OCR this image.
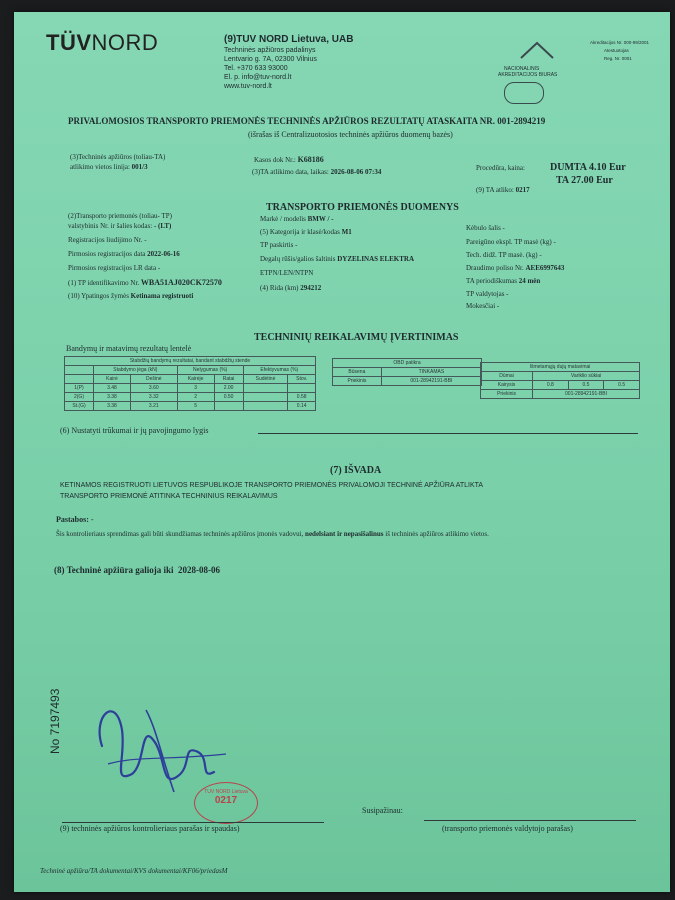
TÜVNORD	(9)TUV NORD Lietuva, UAB
Techninės apžiūros padalinys
Lentvario g. 7A, 02300 Vilnius
Tel. +370 633 93000
El. p. info@tuv-nord.lt
www.tuv-nord.lt
NACIONALINIS
AKREDITACIJOS BIURAS
Akreditacijos Nr. 000-99/2001
Atestuotojas
Reg. Nr. 0001
PRIVALOMOSIOS TRANSPORTO PRIEMONĖS TECHNINĖS APŽIŪROS REZULTATŲ ATASKAITA NR. 001-2894219
(išrašas iš Centralizuotosios techninės apžiūros duomenų bazės)
(3)Techninės apžiūros (toliau-TA)
atlikimo vietos linija: 001/3
Kasos dok Nr.: K68186
(3)TA atlikimo data, laikas: 2026-08-06 07:34	Procedūra, kaina:	DUMTA 4.10 Eur
TA 27.00 Eur
(9) TA atliko: 0217
TRANSPORTO PRIEMONĖS DUOMENYS
(2)Transporto priemonės (toliau- TP)
valstybinis Nr. ir šalies kodas: - (LT)
Registracijos liudijimo Nr. -
Pirmosios registracijos data 2022-06-16
Pirmosios registracijos LR data -
(1) TP identifikavimo Nr. WBA51AJ020CK72570
(10) Ypatingos žymės Ketinama registruoti
Markė / modelis BMW / -
(5) Kategorija ir klasė/kodas M1
TP paskirtis -
Degalų rūšis/galios šaltinis DYZELINAS ELEKTRA
ETPN/LEN/NTPN
(4) Rida (km) 294212
Kėbulo šalis -
Pareigūno ekspl. TP masė (kg) -
Tech. didž. TP masė. (kg) -
Draudimo poliso Nr. AEE6997643
TA periodiškumas 24 mėn
TP valdytojas -
Mokesčiai -
TECHNINIŲ REIKALAVIMŲ ĮVERTINIMAS
Bandymų ir matavimų rezultatų lentelė
Stabdžių bandymų rezultatai, bandant stabdžių stende						
	Stabdymo jėga (kN)		Nelygumas (%)		Efektyvumas (%)	
	Kairė	Dešinė	Kairėje	Ratai	Sudėtinė	Stov.
1(P)	3.48	3.60	3	2.00		
2(G)	3.38	3.32	2	0.50		0.58
St.(G)	3.38	3.21	5			0.14
OBD patikra	
Būsena	TINKAMAS
Priekinis	001-28942191-BBI
Išmetamųjų dujų matavimai			
Dūmai	Variklio sūkiai		
Kairysis	0.8	0.5	0.5
Priekinis	001-28942191-BBI		
(6) Nustatyti trūkumai ir jų pavojingumo lygis
(7) IŠVADA
KETINAMOS REGISTRUOTI LIETUVOS RESPUBLIKOJE TRANSPORTO PRIEMONĖS PRIVALOMOJI TECHNINĖ APŽIŪRA ATLIKTA
TRANSPORTO PRIEMONĖ ATITINKA TECHNINIUS REIKALAVIMUS
Pastabos: -
Šis kontrolieriaus sprendimas gali būti skundžiamas techninės apžiūros įmonės vadovui, nedelsiant ir nepasišalinus iš techninės apžiūros atlikimo vietos.
(8) Techninė apžiūra galioja iki 2028-08-06
TUV NORD Lietuva
0217
(9) techninės apžiūros kontrolieriaus parašas ir spaudas)
Susipažinau:
(transporto priemonės valdytojo parašas)
No 7197493
Techninė apžiūra/TA dokumentai/KVS dokumentai/KF06/priedasM
